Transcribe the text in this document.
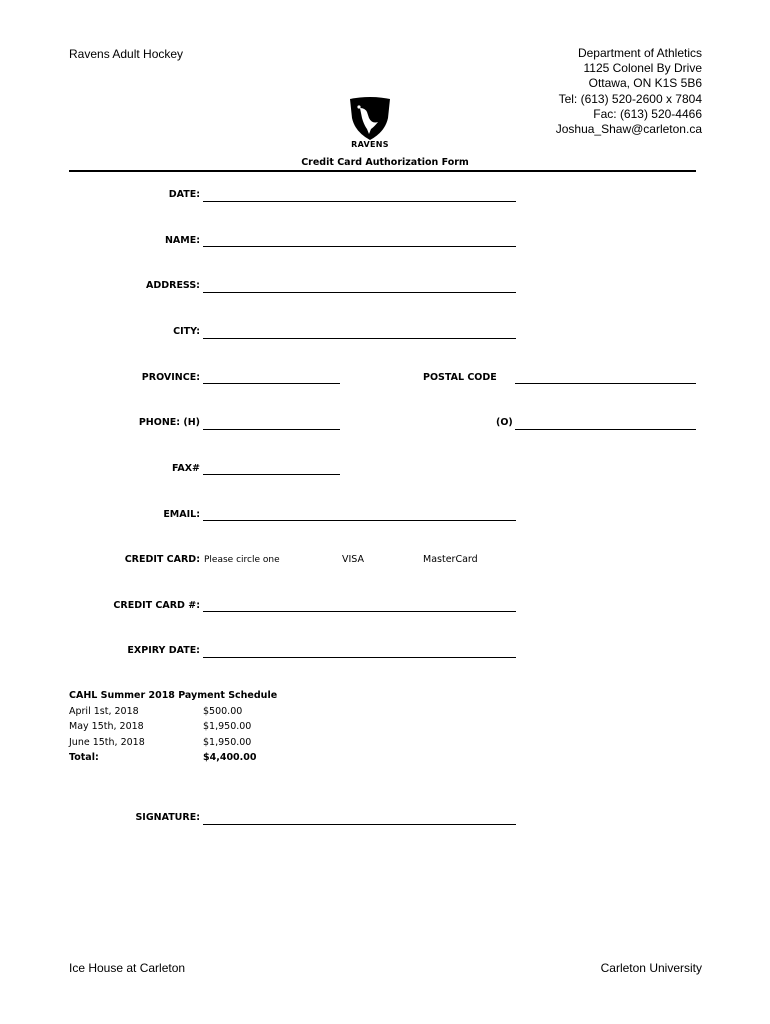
Ravens Adult Hockey	Department of Athletics
1125 Colonel By Drive
Ottawa, ON K1S 5B6
Tel: (613) 520-2600 x 7804
Fac: (613) 520-4466
Joshua_Shaw@carleton.ca
RAVENS
Credit Card Authorization Form
DATE:
NAME:
ADDRESS:
CITY:
PROVINCE:	POSTAL CODE
PHONE: (H)	(O)
FAX#
EMAIL:
CREDIT CARD: Please circle one	VISA	MasterCard
CREDIT CARD #:
EXPIRY DATE:
CAHL Summer 2018 Payment Schedule
April 1st, 2018	$500.00
May 15th, 2018	$1,950.00
June 15th, 2018	$1,950.00
Total:	$4,400.00
SIGNATURE:
Ice House at Carleton	Carleton University
